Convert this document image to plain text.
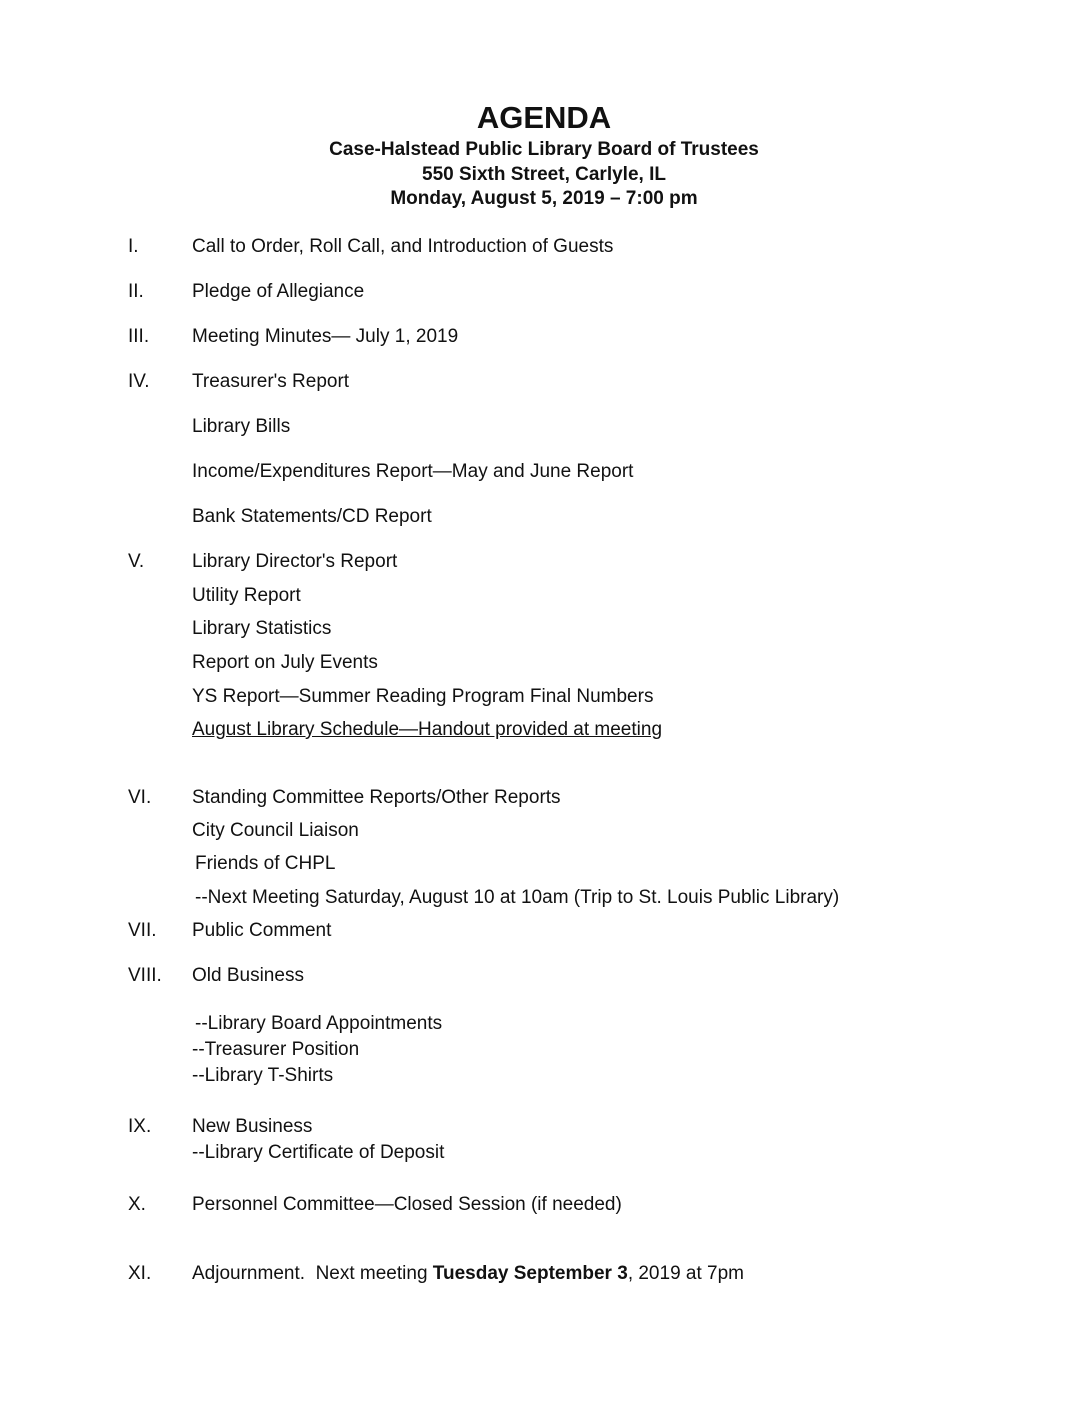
AGENDA
Case-Halstead Public Library Board of Trustees
550 Sixth Street, Carlyle, IL
Monday, August 5, 2019 – 7:00 pm
I.	Call to Order, Roll Call, and Introduction of Guests
II.	Pledge of Allegiance
III. Meeting Minutes— July 1, 2019
IV. Treasurer's Report
Library Bills
Income/Expenditures Report—May and June Report
Bank Statements/CD Report
V.	Library Director's Report
Utility Report
Library Statistics
Report on July Events
YS Report—Summer Reading Program Final Numbers
August Library Schedule—Handout provided at meeting
VI. Standing Committee Reports/Other Reports
City Council Liaison
Friends of CHPL
--Next Meeting Saturday, August 10 at 10am (Trip to St. Louis Public Library)
VII. Public Comment
VIII. Old Business
--Library Board Appointments
--Treasurer Position
--Library T-Shirts
IX. New Business
--Library Certificate of Deposit
X. Personnel Committee—Closed Session (if needed)
XI. Adjournment.  Next meeting Tuesday September 3, 2019 at 7pm
